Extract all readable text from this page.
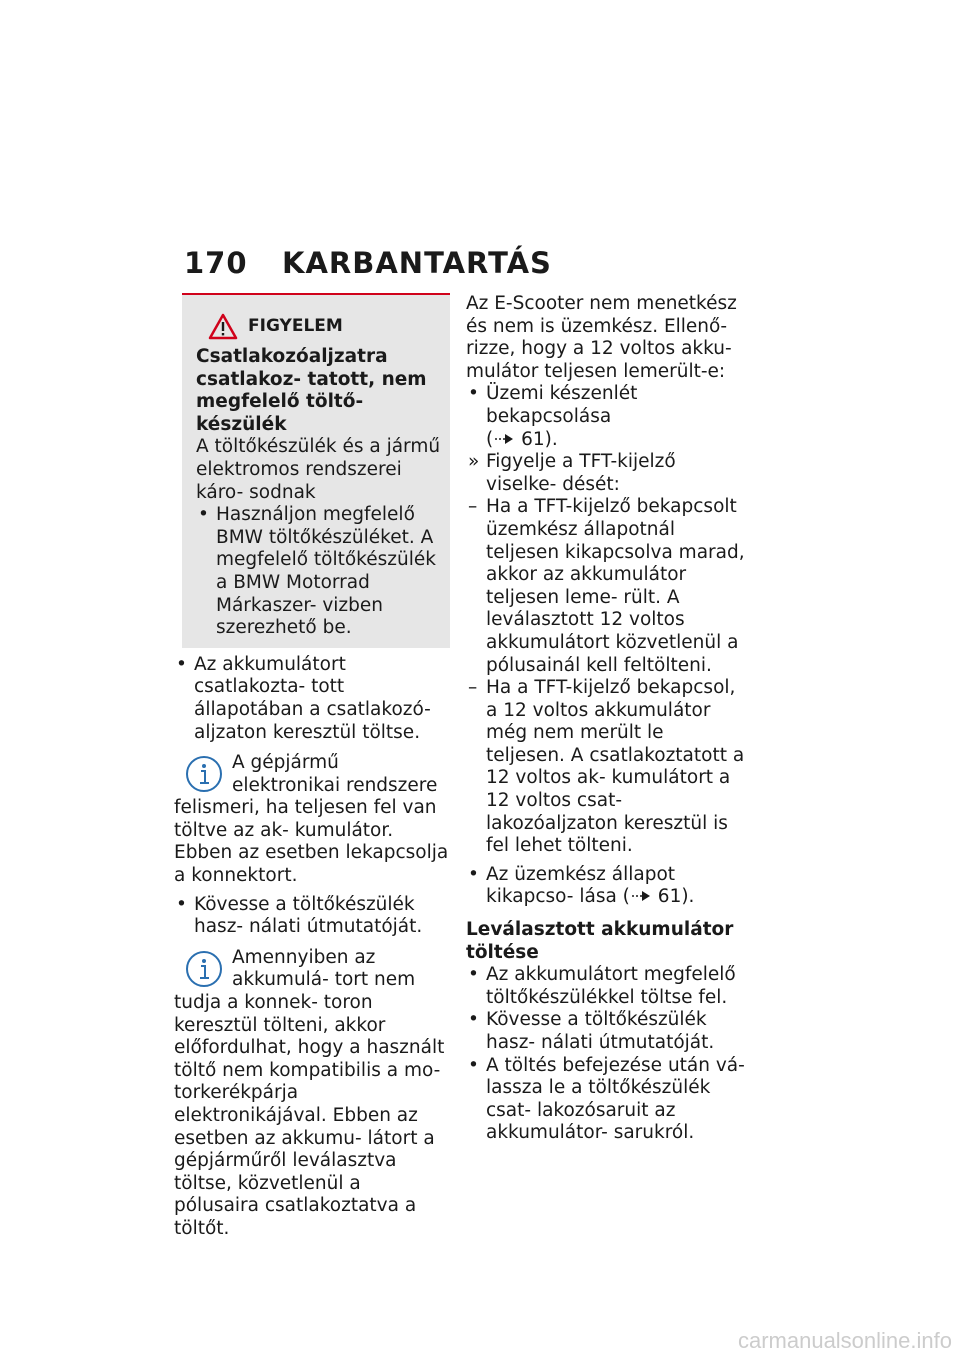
170 KARBANTARTÁS
FIGYELEM

Csatlakozóaljzatra csatlakoz- tatott, nem megfelelő töltő- készülék

A töltőkészülék és a jármű elektromos rendszerei káro- sodnak

• Használjon megfelelő BMW töltőkészüléket. A megfelelő töltőkészülék a BMW Motorrad Márkaszer- vizben szerezhető be.
• Az akkumulátort csatlakozta- tott állapotában a csatlakozó- aljzaton keresztül töltse.
A gépjármű elektronikai rendszere felismeri, ha teljesen fel van töltve az ak- kumulátor. Ebben az esetben lekapcsolja a konnektort.
• Kövesse a töltőkészülék hasz- nálati útmutatóját.
Amennyiben az akkumulá- tort nem tudja a konnek- toron keresztül tölteni, akkor előfordulhat, hogy a használt töltő nem kompatibilis a mo- torkerékpárja elektronikájával. Ebben az esetben az akkumu- látort a gépjárműről leválasztva töltse, közvetlenül a pólusaira csatlakoztatva a töltőt.

Az E-Scooter nem menetkész és nem is üzemkész. Ellenő- rizze, hogy a 12 voltos akku- mulátor teljesen lemerült-e:

• Üzemi készenlét bekapcsolása
( 61).
» Figyelje a TFT-kijelző viselke- dését:
– Ha a TFT-kijelző bekapcsolt üzemkész állapotnál teljesen kikapcsolva marad, akkor az akkumulátor teljesen leme- rült. A leválasztott 12 voltos akkumulátort közvetlenül a pólusainál kell feltölteni.
– Ha a TFT-kijelző bekapcsol, a 12 voltos akkumulátor még nem merült le teljesen. A csatlakoztatott a 12 voltos ak- kumulátort a 12 voltos csat- lakozóaljzaton keresztül is fel lehet tölteni.
• Az üzemkész állapot kikapcso- lása ( 61).

Leválasztott akkumulátor töltése

• Az akkumulátort megfelelő töltőkészülékkel töltse fel.
• Kövesse a töltőkészülék hasz- nálati útmutatóját.
• A töltés befejezése után vá- lassza le a töltőkészülék csat- lakozósaruit az akkumulátor- sarukról.
carmanualsonline.info
